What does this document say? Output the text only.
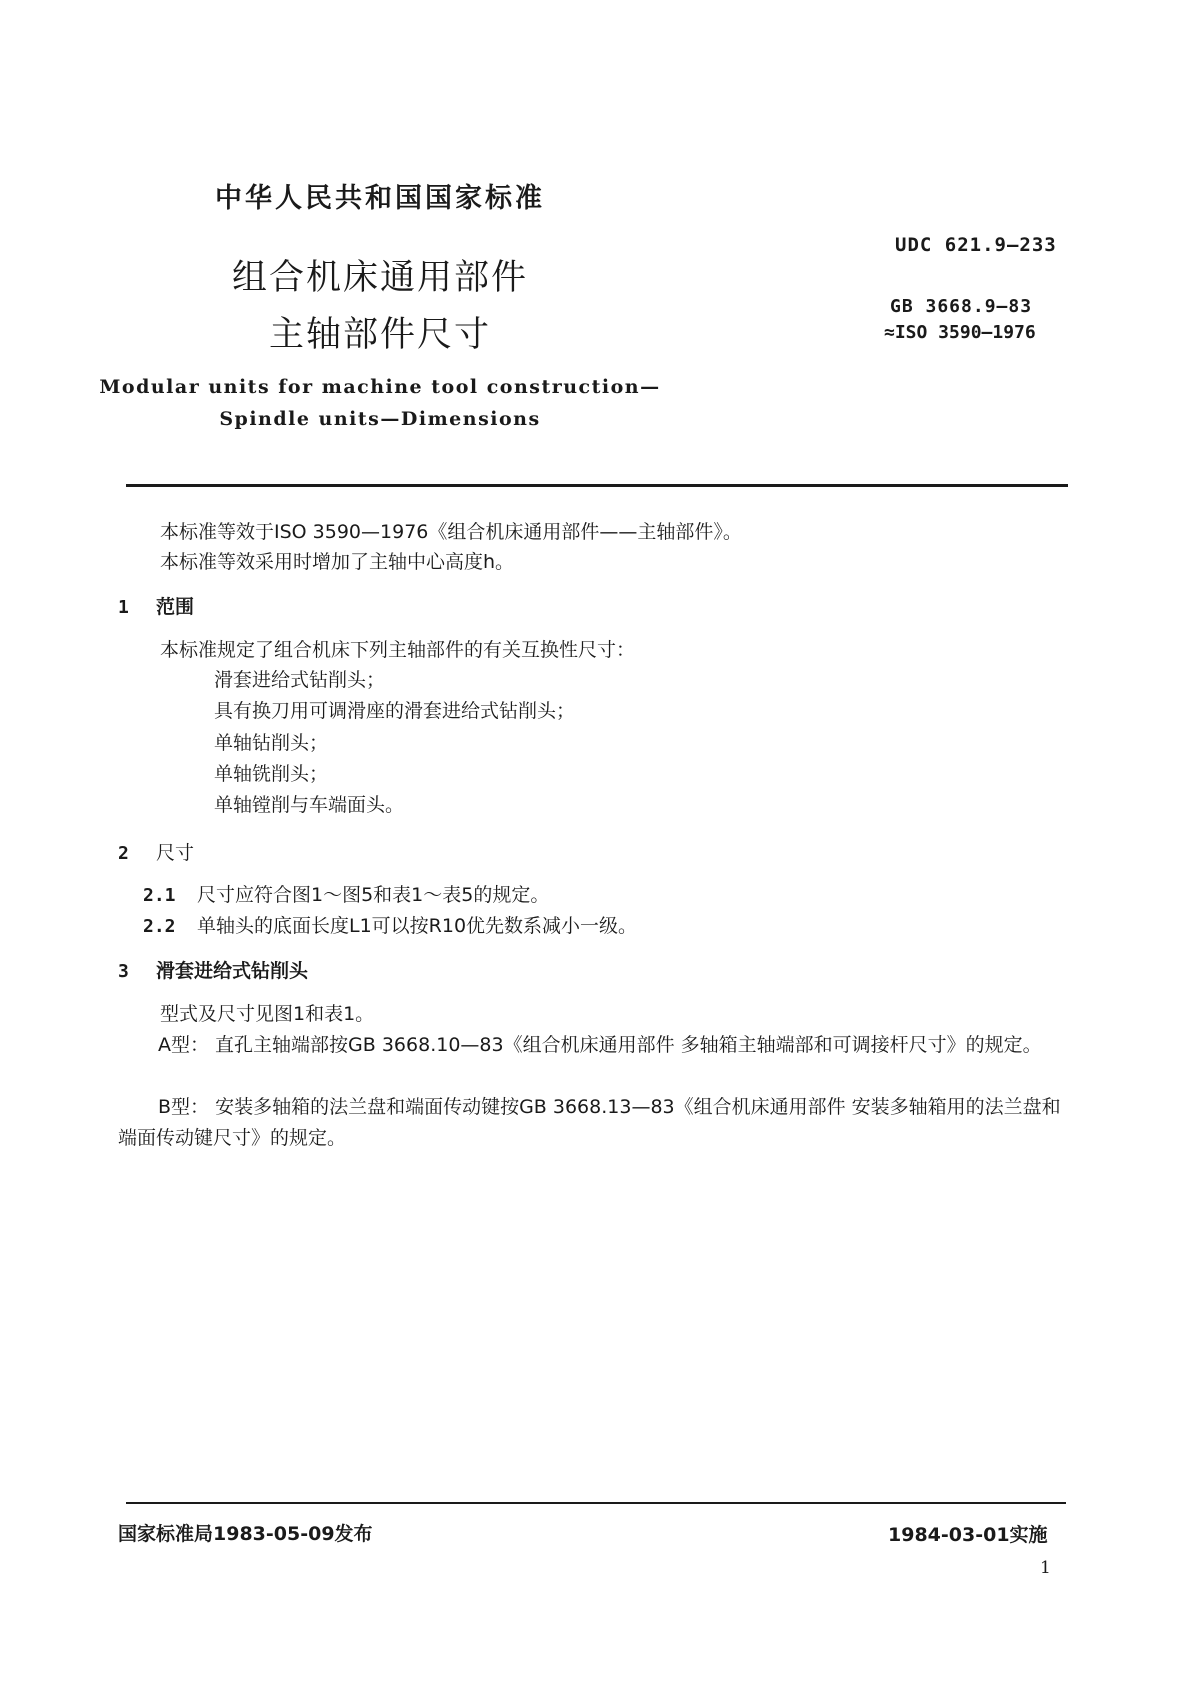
中华人民共和国国家标准
UDC 621.9—233
组合机床通用部件
主轴部件尺寸
GB 3668.9—83
≈ISO 3590—1976
Modular units for machine tool construction—
Spindle units—Dimensions
本标准等效于ISO 3590—1976《组合机床通用部件——主轴部件》。
本标准等效采用时增加了主轴中心高度h。
1 范围
本标准规定了组合机床下列主轴部件的有关互换性尺寸：
滑套进给式钻削头；
具有换刀用可调滑座的滑套进给式钻削头；
单轴钻削头；
单轴铣削头；
单轴镗削与车端面头。
2 尺寸
2.1 尺寸应符合图1～图5和表1～表5的规定。
2.2 单轴头的底面长度L1可以按R10优先数系减小一级。
3 滑套进给式钻削头
型式及尺寸见图1和表1。
A型： 直孔主轴端部按GB 3668.10—83《组合机床通用部件 多轴箱主轴端部和可调接杆尺寸》的规定。
B型： 安装多轴箱的法兰盘和端面传动键按GB 3668.13—83《组合机床通用部件 安装多轴箱用的法兰盘和端面传动键尺寸》的规定。
国家标准局1983-05-09发布	1984-03-01实施
1
